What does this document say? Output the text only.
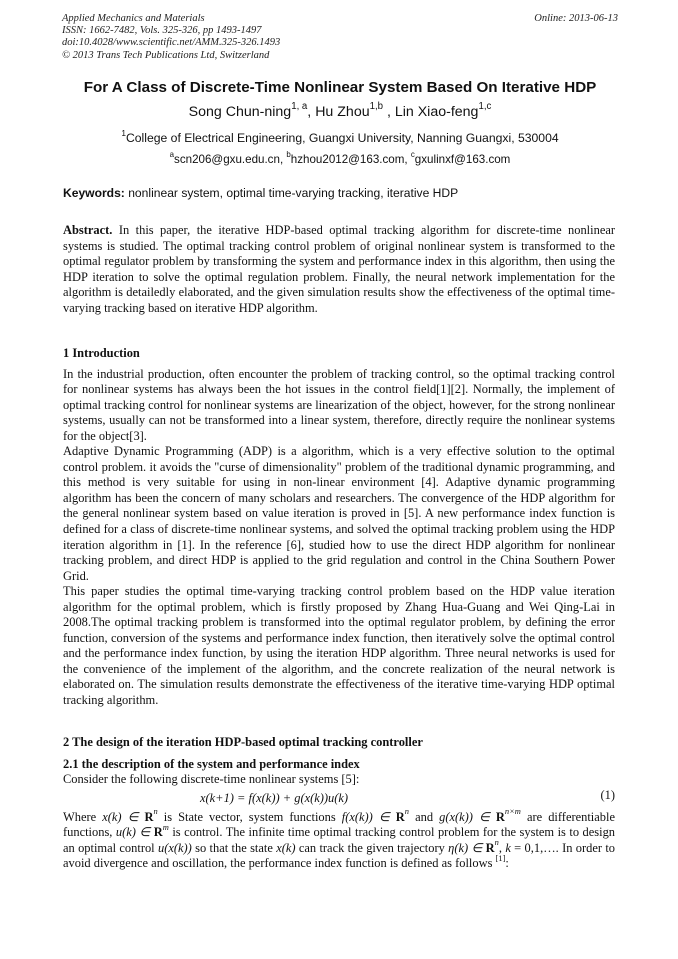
Applied Mechanics and Materials
ISSN: 1662-7482, Vols. 325-326, pp 1493-1497
doi:10.4028/www.scientific.net/AMM.325-326.1493
© 2013 Trans Tech Publications Ltd, Switzerland
Online: 2013-06-13
For A Class of Discrete-Time Nonlinear System Based On Iterative HDP
Song Chun-ning$^{1, a}$, Hu Zhou$^{1,b}$ , Lin Xiao-feng$^{1,c}$
$^1$College of Electrical Engineering, Guangxi University, Nanning Guangxi, 530004
$^a$scn206@gxu.edu.cn, $^b$hzhou2012@163.com, $^c$gxulinxf@163.com
Keywords: nonlinear system, optimal time-varying tracking, iterative HDP

Abstract. In this paper, the iterative HDP-based optimal tracking algorithm for discrete-time nonlinear systems is studied. The optimal tracking control problem of original nonlinear system is transformed to the optimal regulator problem by transforming the system and performance index in this algorithm, then using the HDP iteration to solve the optimal regulation problem. Finally, the neural network implementation for the algorithm is detailedly elaborated, and the given simulation results show the effectiveness of the optimal time-varying tracking based on iterative HDP algorithm.

1 Introduction

In the industrial production, often encounter the problem of tracking control, so the optimal tracking control for nonlinear systems has always been the hot issues in the control field[1][2]. Normally, the implement of optimal tracking control for nonlinear systems are linearization of the object, however, for the strong nonlinear systems, usually can not be transformed into a linear system, therefore, directly require the nonlinear systems for the object[3].

Adaptive Dynamic Programming (ADP) is a algorithm, which is a very effective solution to the optimal control problem. it avoids the "curse of dimensionality" problem of the traditional dynamic programming, and this method is very suitable for using in non-linear environment [4]. Adaptive dynamic programming algorithm has been the concern of many scholars and researchers. The convergence of the HDP algorithm for the general nonlinear system based on value iteration is proved in [5]. A new performance index function is defined for a class of discrete-time nonlinear systems, and solved the optimal tracking problem using the HDP iteration algorithm in [1]. In the reference [6], studied how to use the direct HDP algorithm for nonlinear tracking problem, and direct HDP is applied to the grid regulation and control in the China Southern Power Grid.

This paper studies the optimal time-varying tracking control problem based on the HDP value iteration algorithm for the optimal problem, which is firstly proposed by Zhang Hua-Guang and Wei Qing-Lai in 2008.The optimal tracking problem is transformed into the optimal regulator problem, by defining the error function, conversion of the systems and performance index function, then iteratively solve the optimal control and the performance index function, by using the iteration HDP algorithm. Three neural networks is used for the convenience of the implement of the algorithm, and the concrete realization of the neural network is elaborated on. The simulation results demonstrate the effectiveness of the iterative time-varying HDP optimal tracking algorithm.

2 The design of the iteration HDP-based optimal tracking controller
2.1 the description of the system and performance index
Consider the following discrete-time nonlinear systems [5]:
x(k+1) = f(x(k)) + g(x(k))u(k)	(1)

Where x(k) ∈ $R^n$ is State vector, system functions f(x(k)) ∈ $R^n$ and g(x(k)) ∈ $R^{n\times m}$ are differentiable functions, u(k) ∈ $R^m$ is control. The infinite time optimal tracking control problem for the system is to design an optimal control u(x(k)) so that the state x(k) can track the given trajectory η(k) ∈ $R^n$, k = 0,1,…. In order to avoid divergence and oscillation, the performance index function is defined as follows [1]:
